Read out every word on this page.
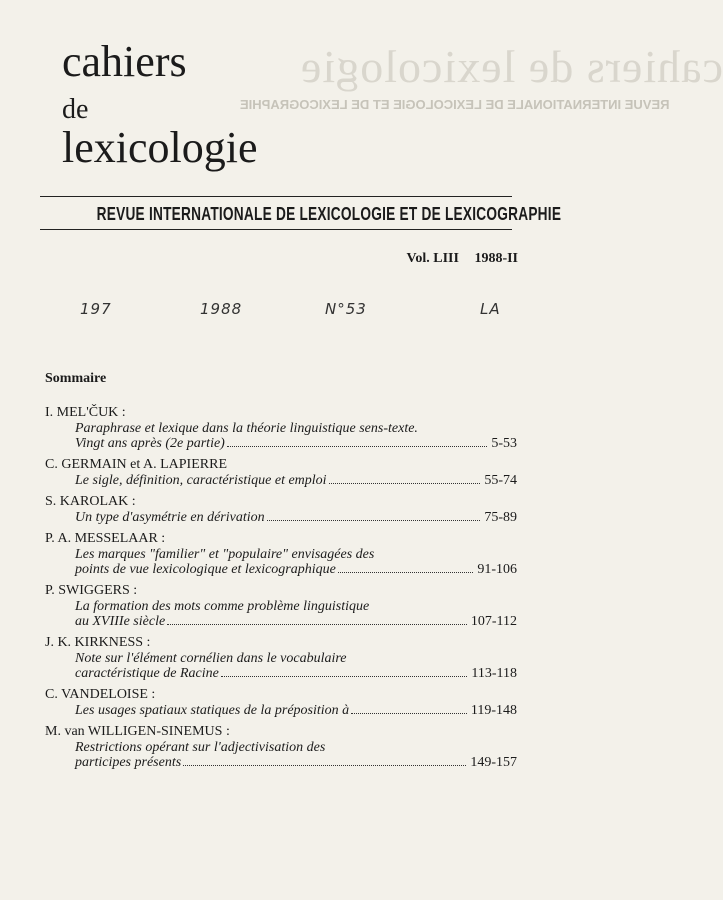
cahiers de lexicologie
REVUE INTERNATIONALE DE LEXICOLOGIE ET DE LEXICOGRAPHIE
cahiers
de
lexicologie
REVUE INTERNATIONALE DE LEXICOLOGIE ET DE LEXICOGRAPHIE
Vol. LIII 1988-II
197	1988	N°53	LA
Sommaire
I. MEL'ČUK :
Paraphrase et lexique dans la théorie linguistique sens-texte.
Vingt ans après (2e partie)	5-53
C. GERMAIN et A. LAPIERRE
Le sigle, définition, caractéristique et emploi	55-74
S. KAROLAK :
Un type d'asymétrie en dérivation	75-89
P. A. MESSELAAR :
Les marques "familier" et "populaire" envisagées des
points de vue lexicologique et lexicographique	91-106
P. SWIGGERS :
La formation des mots comme problème linguistique
au XVIIIe siècle	107-112
J. K. KIRKNESS :
Note sur l'élément cornélien dans le vocabulaire
caractéristique de Racine	113-118
C. VANDELOISE :
Les usages spatiaux statiques de la préposition à	119-148
M. van WILLIGEN-SINEMUS :
Restrictions opérant sur l'adjectivisation des
participes présents	149-157
